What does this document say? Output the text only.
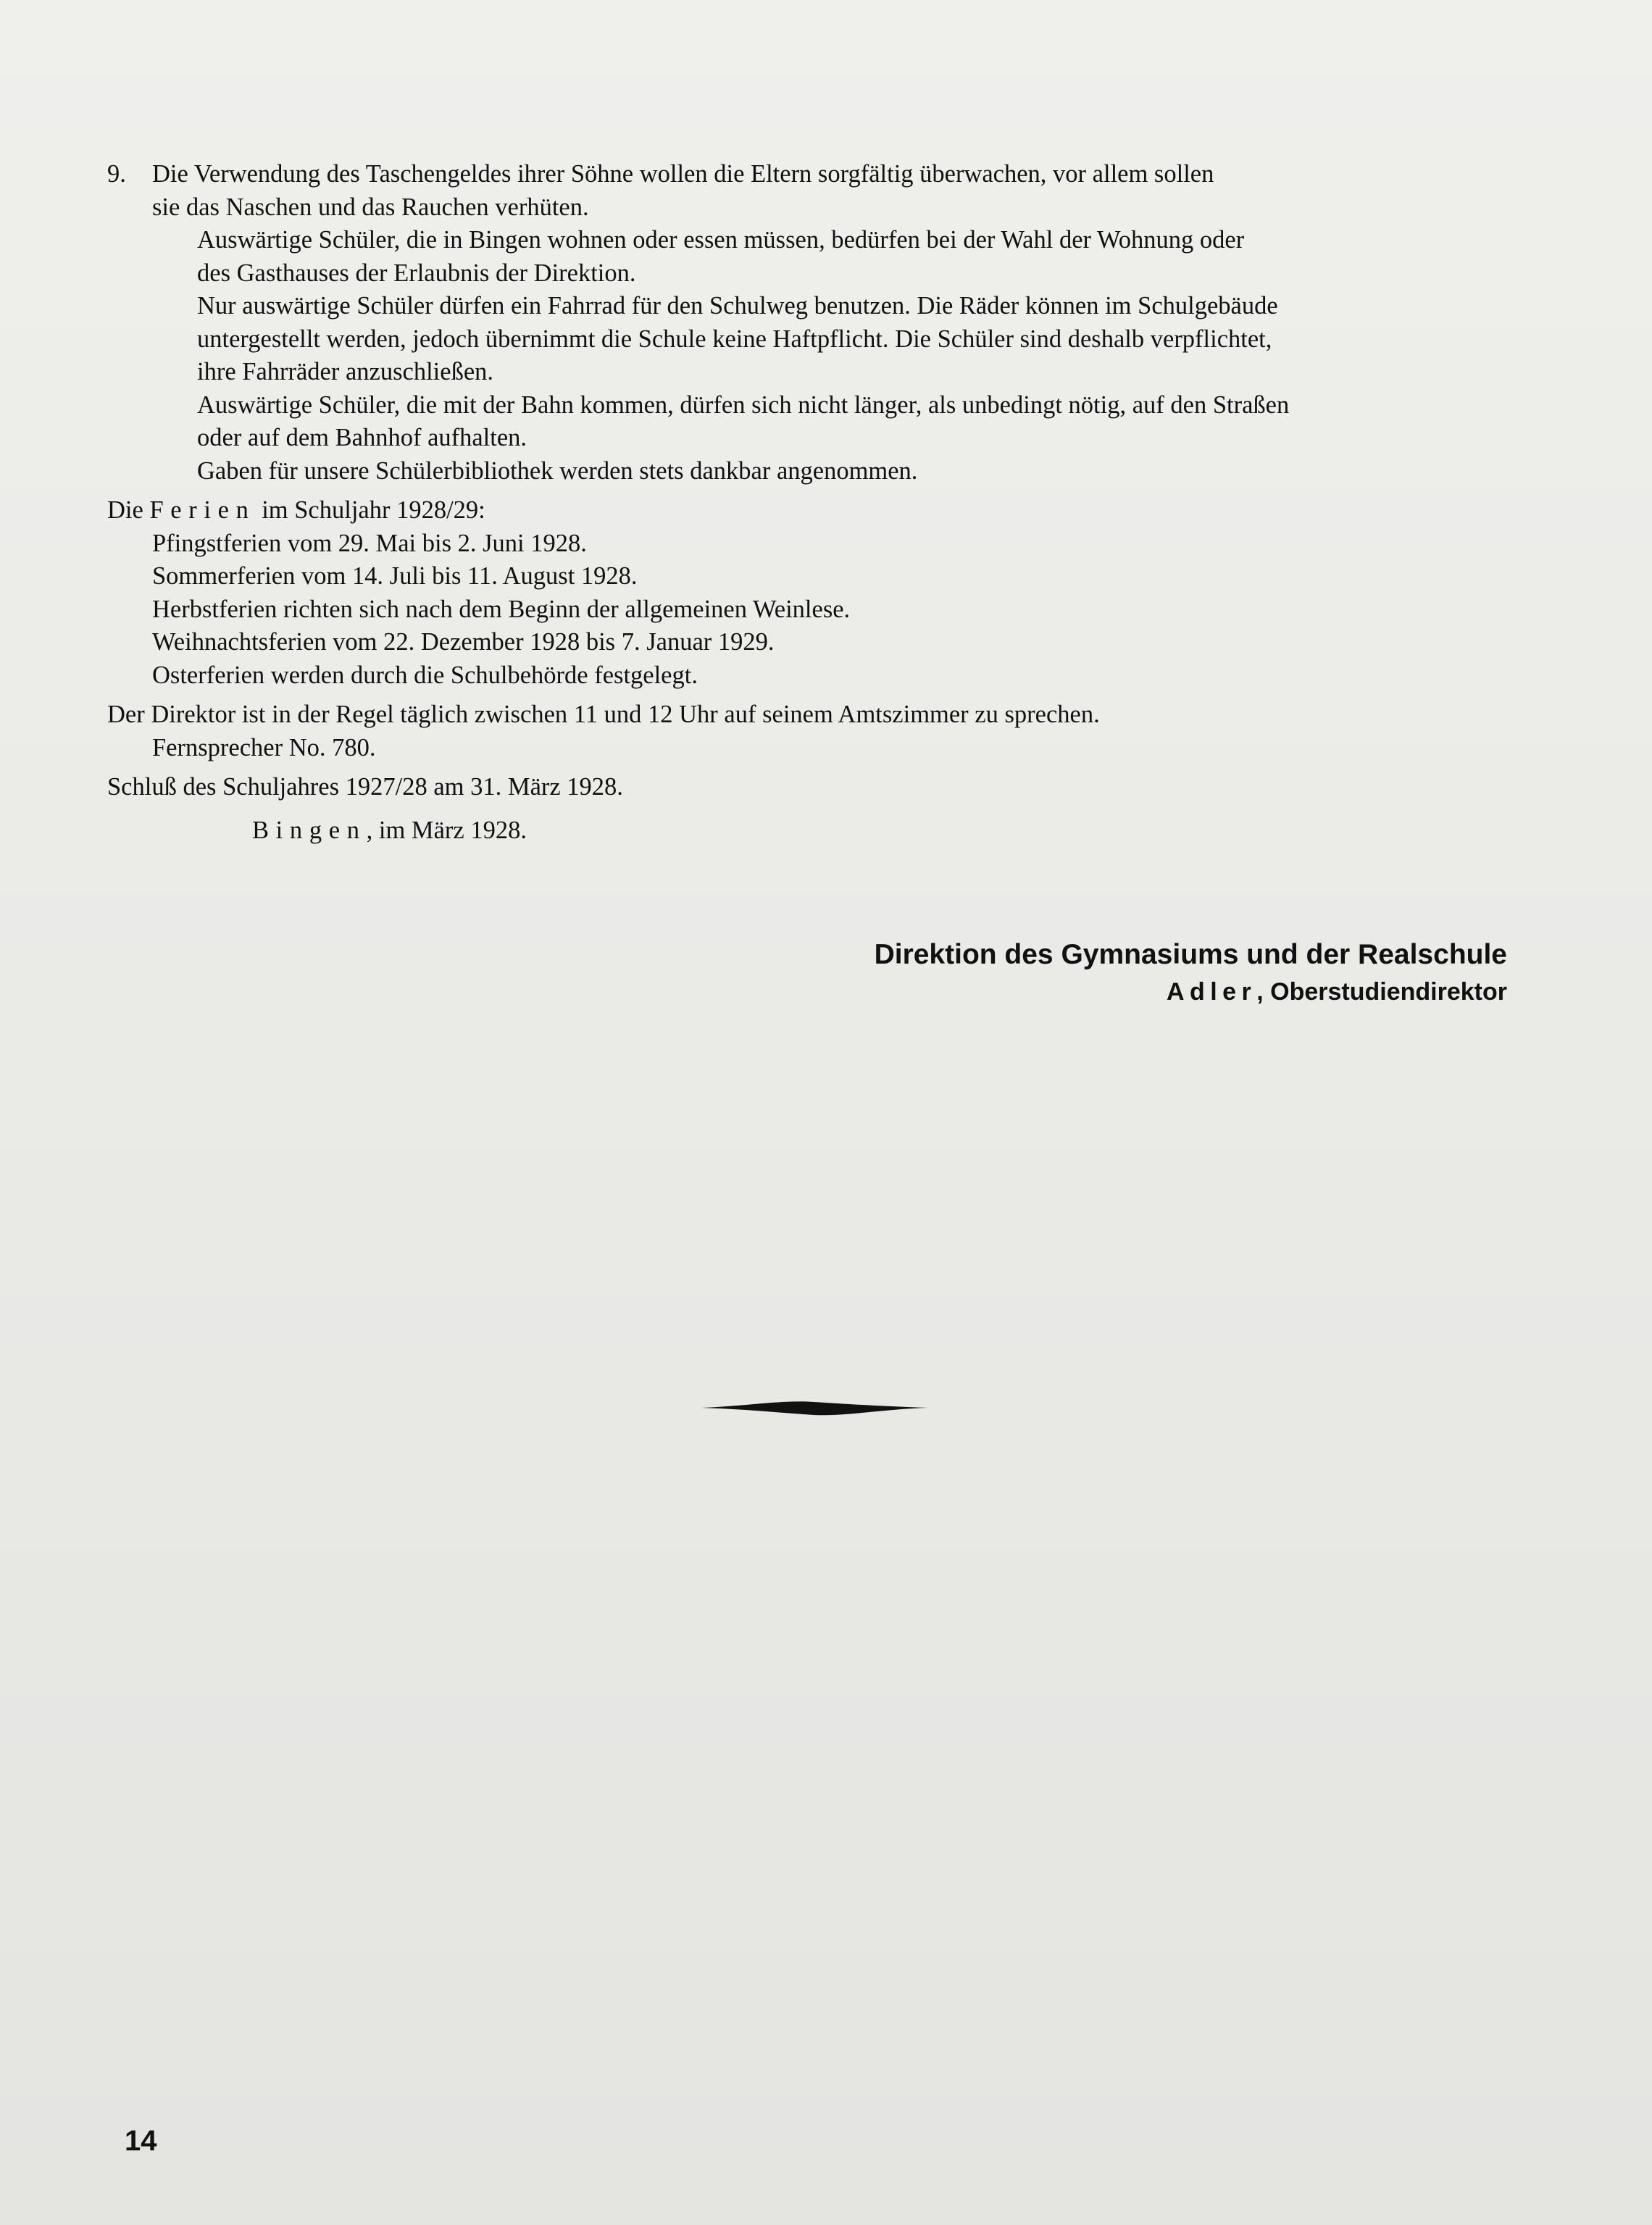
9. Die Verwendung des Taschengeldes ihrer Söhne wollen die Eltern sorgfältig überwachen, vor allem sollen
sie das Naschen und das Rauchen verhüten.
Auswärtige Schüler, die in Bingen wohnen oder essen müssen, bedürfen bei der Wahl der Wohnung oder
des Gasthauses der Erlaubnis der Direktion.
Nur auswärtige Schüler dürfen ein Fahrrad für den Schulweg benutzen. Die Räder können im Schulgebäude
untergestellt werden, jedoch übernimmt die Schule keine Haftpflicht. Die Schüler sind deshalb verpflichtet,
ihre Fahrräder anzuschließen.
Auswärtige Schüler, die mit der Bahn kommen, dürfen sich nicht länger, als unbedingt nötig, auf den Straßen
oder auf dem Bahnhof aufhalten.
Gaben für unsere Schülerbibliothek werden stets dankbar angenommen.
Die Ferien im Schuljahr 1928/29:
Pfingstferien vom 29. Mai bis 2. Juni 1928.
Sommerferien vom 14. Juli bis 11. August 1928.
Herbstferien richten sich nach dem Beginn der allgemeinen Weinlese.
Weihnachtsferien vom 22. Dezember 1928 bis 7. Januar 1929.
Osterferien werden durch die Schulbehörde festgelegt.
Der Direktor ist in der Regel täglich zwischen 11 und 12 Uhr auf seinem Amtszimmer zu sprechen.
Fernsprecher No. 780.
Schluß des Schuljahres 1927/28 am 31. März 1928.
Bingen, im März 1928.
Direktion des Gymnasiums und der Realschule
Adler, Oberstudiendirektor
14
